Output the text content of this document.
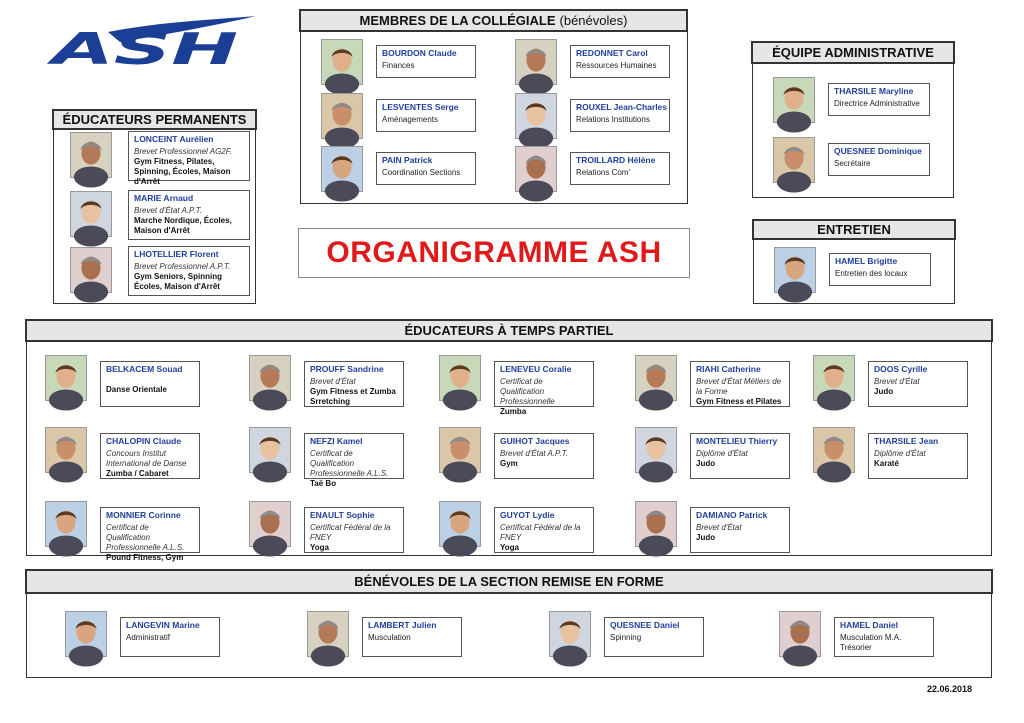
ASH
ORGANIGRAMME ASH
BOURDON Claude
Finances
LESVENTES Serge
Aménagements
PAIN Patrick
Coordination Sections
REDONNET Carol
Ressources Humaines
ROUXEL Jean-Charles
Relations Institutions
TROILLARD Hélène
Relations Com'
MEMBRES DE LA COLLÉGIALE (bénévoles)
THARSILE Maryline
Directrice Administrative
QUESNEE Dominique
Secrétaire
ÉQUIPE ADMINISTRATIVE
HAMEL Brigitte
Entretien des locaux
ENTRETIEN
LONCEINT Aurélien
Brevet Professionnel AG2F.
Gym Fitness, Pilates, Spinning, Écoles, Maison d'Arrêt
MARIE Arnaud
Brevet d'État A.P.T.
Marche Nordique, Écoles, Maison d'Arrêt
LHOTELLIER Florent
Brevet Professionnel A.P.T.
Gym Seniors, Spinning Écoles, Maison d'Arrêt
ÉDUCATEURS PERMANENTS
BELKACEM Souad
Danse Orientale
CHALOPIN Claude
Concours Institut International de Danse
Zumba / Cabaret
MONNIER Corinne
Certificat de Qualification Professionnelle A.L.S.
Pound Fitness, Gym
PROUFF Sandrine
Brevet d'État
Gym Fitness et Zumba Srretching
NEFZI Kamel
Certificat de Qualification Professionnelle A.L.S.
Taë Bo
ENAULT Sophie
Certificat Fédéral de la FNEY
Yoga
LENEVEU Coralie
Certificat de Qualification Professionnelle
Zumba
GUIHOT Jacques
Brevet d'État A.P.T.
Gym
GUYOT Lydie
Certificat Fédéral de la FNEY
Yoga
RIAHI Catherine
Brevet d'État Métiers de la Forme
Gym Fitness et Pilates
MONTELIEU Thierry
Diplôme d'État
Judo
DAMIANO Patrick
Brevet d'État
Judo
DOOS Cyrille
Brevet d'État
Judo
THARSILE Jean
Diplôme d'État
Karaté
ÉDUCATEURS À TEMPS PARTIEL
LANGEVIN Marine
Administratif
LAMBERT Julien
Musculation
QUESNEE Daniel
Spinning
HAMEL Daniel
Musculation M.A. Trésorier
BÉNÉVOLES DE LA SECTION REMISE EN FORME
22.06.2018
